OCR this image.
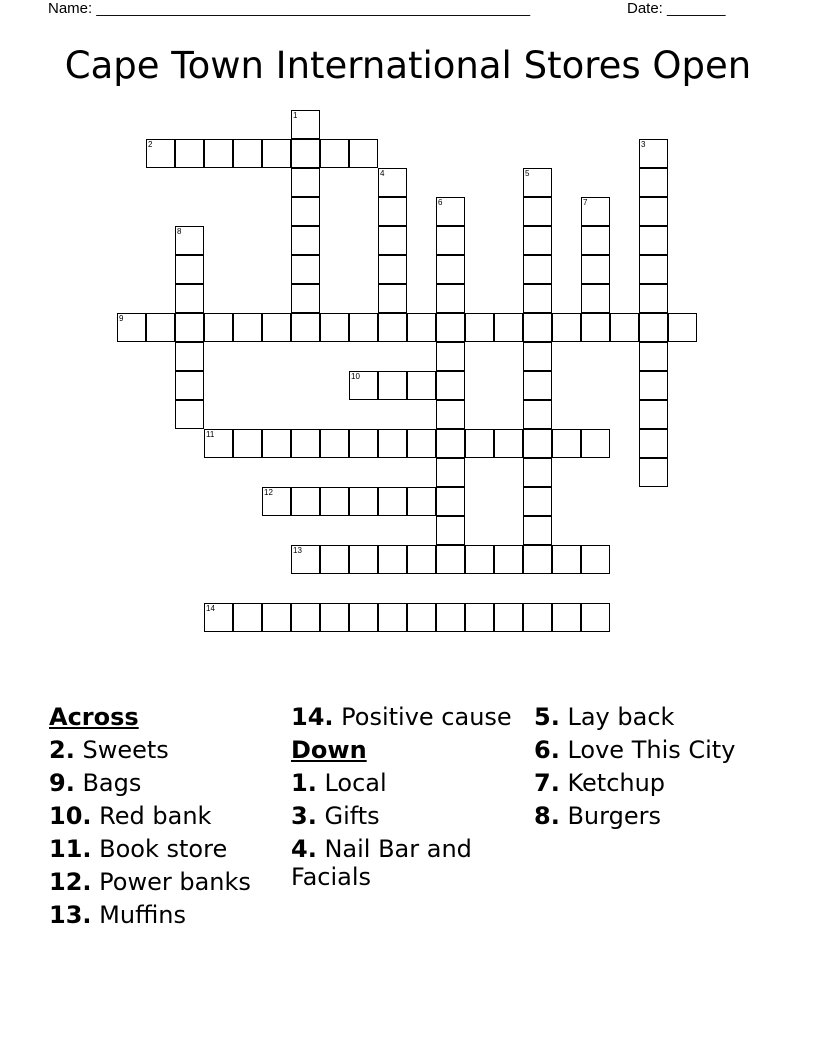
Name: ____________________________________________________	Date: _______
Cape Town International Stores Open
2
9
10
11
12
13
14
1
3
4	5
6	7
8
Across
2. Sweets
9. Bags
10. Red bank
11. Book store
12. Power banks
13. Muffins
14. Positive cause
Down
1. Local
3. Gifts
4. Nail Bar and Facials
5. Lay back
6. Love This City
7. Ketchup
8. Burgers
